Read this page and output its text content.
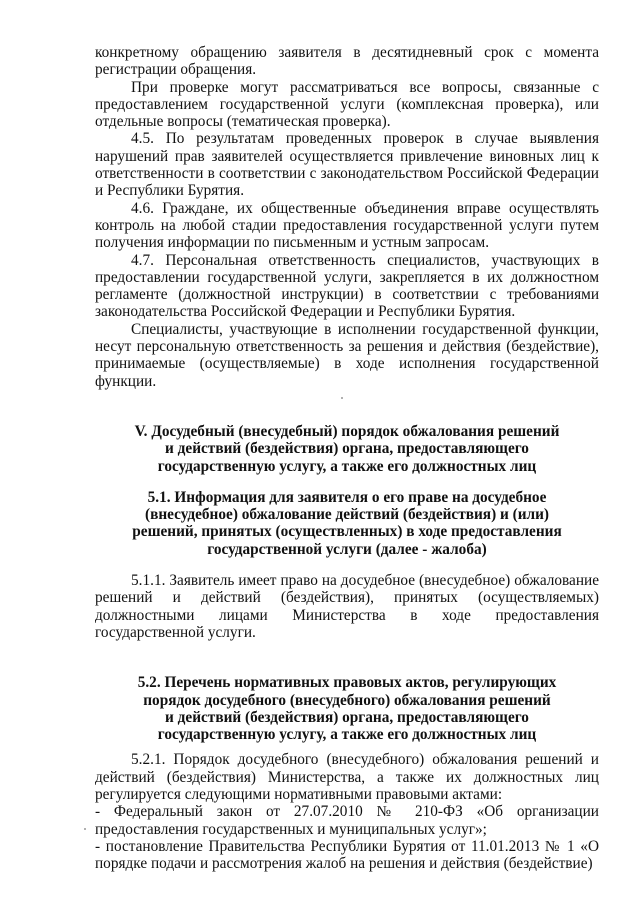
конкретному обращению заявителя в десятидневный срок с момента регистрации обращения.

При проверке могут рассматриваться все вопросы, связанные с предоставлением государственной услуги (комплексная проверка), или отдельные вопросы (тематическая проверка).

4.5. По результатам проведенных проверок в случае выявления нарушений прав заявителей осуществляется привлечение виновных лиц к ответственности в соответствии с законодательством Российской Федерации и Республики Бурятия.

4.6. Граждане, их общественные объединения вправе осуществлять контроль на любой стадии предоставления государственной услуги путем получения информации по письменным и устным запросам.

4.7. Персональная ответственность специалистов, участвующих в предоставлении государственной услуги, закрепляется в их должностном регламенте (должностной инструкции) в соответствии с требованиями законодательства Российской Федерации и Республики Бурятия.

Специалисты, участвующие в исполнении государственной функции, несут персональную ответственность за решения и действия (бездействие), принимаемые (осуществляемые) в ходе исполнения государственной функции.

V. Досудебный (внесудебный) порядок обжалования решений
и действий (бездействия) органа, предоставляющего
государственную услугу, а также его должностных лиц
5.1. Информация для заявителя о его праве на досудебное
(внесудебное) обжалование действий (бездействия) и (или)
решений, принятых (осуществленных) в ходе предоставления
государственной услуги (далее - жалоба)

5.1.1. Заявитель имеет право на досудебное (внесудебное) обжалование решений и действий (бездействия), принятых (осуществляемых) должностными лицами Министерства в ходе предоставления государственной услуги.

5.2. Перечень нормативных правовых актов, регулирующих
порядок досудебного (внесудебного) обжалования решений
и действий (бездействия) органа, предоставляющего
государственную услугу, а также его должностных лиц

5.2.1. Порядок досудебного (внесудебного) обжалования решений и действий (бездействия) Министерства, а также их должностных лиц регулируется следующими нормативными правовыми актами:

- Федеральный закон от 27.07.2010 № 210-ФЗ «Об организации предоставления государственных и муниципальных услуг»;

- постановление Правительства Республики Бурятия от 11.01.2013 № 1 «О порядке подачи и рассмотрения жалоб на решения и действия (бездействие)
